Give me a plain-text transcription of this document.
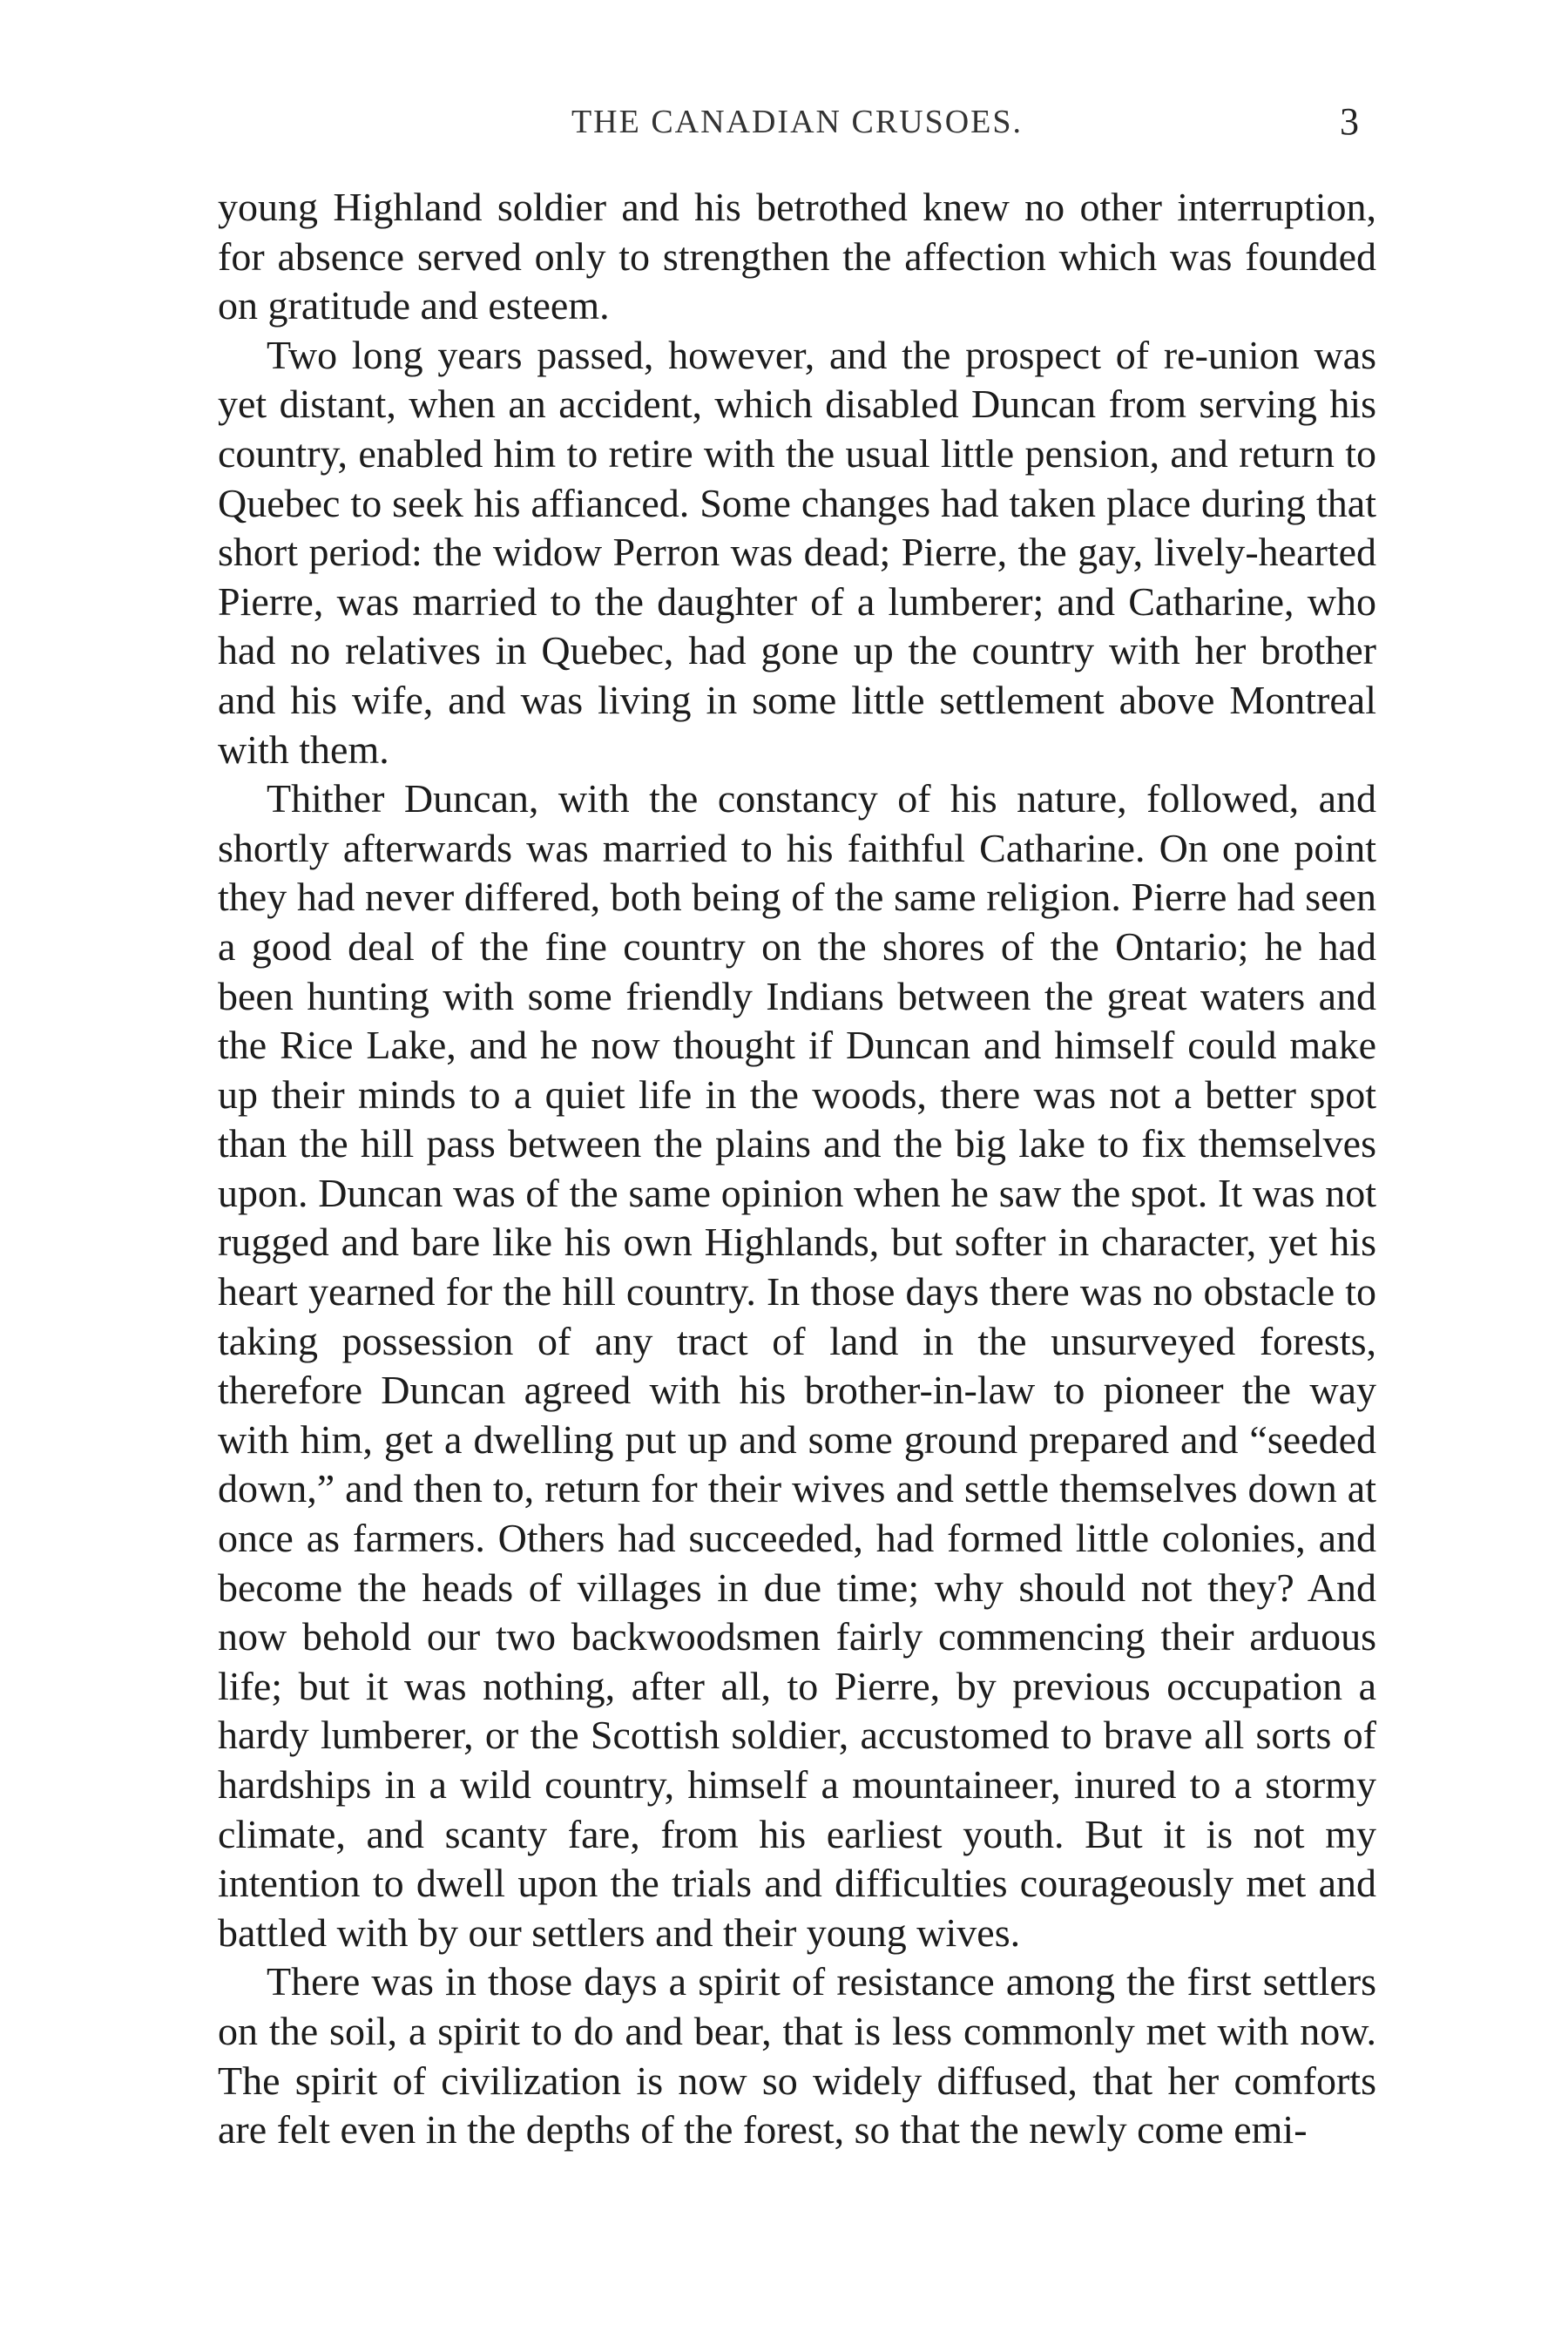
THE CANADIAN CRUSOES.	3

young Highland soldier and his betrothed knew no other interruption, for absence served only to strengthen the affection which was founded on gratitude and esteem.

Two long years passed, however, and the prospect of re-union was yet distant, when an accident, which disabled Duncan from serving his country, enabled him to retire with the usual little pension, and return to Quebec to seek his affianced. Some changes had taken place during that short period: the widow Perron was dead; Pierre, the gay, lively-hearted Pierre, was married to the daughter of a lumberer; and Catharine, who had no relatives in Quebec, had gone up the country with her brother and his wife, and was living in some little settlement above Montreal with them.

Thither Duncan, with the constancy of his nature, followed, and shortly afterwards was married to his faithful Catharine. On one point they had never differed, both being of the same religion. Pierre had seen a good deal of the fine country on the shores of the Ontario; he had been hunting with some friendly Indians between the great waters and the Rice Lake, and he now thought if Duncan and himself could make up their minds to a quiet life in the woods, there was not a better spot than the hill pass between the plains and the big lake to fix themselves upon. Duncan was of the same opinion when he saw the spot. It was not rugged and bare like his own Highlands, but softer in character, yet his heart yearned for the hill country. In those days there was no obstacle to taking possession of any tract of land in the unsurveyed forests, therefore Duncan agreed with his brother-in-law to pioneer the way with him, get a dwelling put up and some ground prepared and “seeded down,” and then to, return for their wives and settle themselves down at once as farmers. Others had succeeded, had formed little colonies, and become the heads of villages in due time; why should not they? And now behold our two backwoodsmen fairly commencing their arduous life; but it was nothing, after all, to Pierre, by previous occupation a hardy lumberer, or the Scottish soldier, accustomed to brave all sorts of hardships in a wild country, himself a mountaineer, inured to a stormy climate, and scanty fare, from his earliest youth. But it is not my intention to dwell upon the trials and difficulties courageously met and battled with by our settlers and their young wives.

There was in those days a spirit of resistance among the first settlers on the soil, a spirit to do and bear, that is less commonly met with now. The spirit of civilization is now so widely diffused, that her comforts are felt even in the depths of the forest, so that the newly come emi-
